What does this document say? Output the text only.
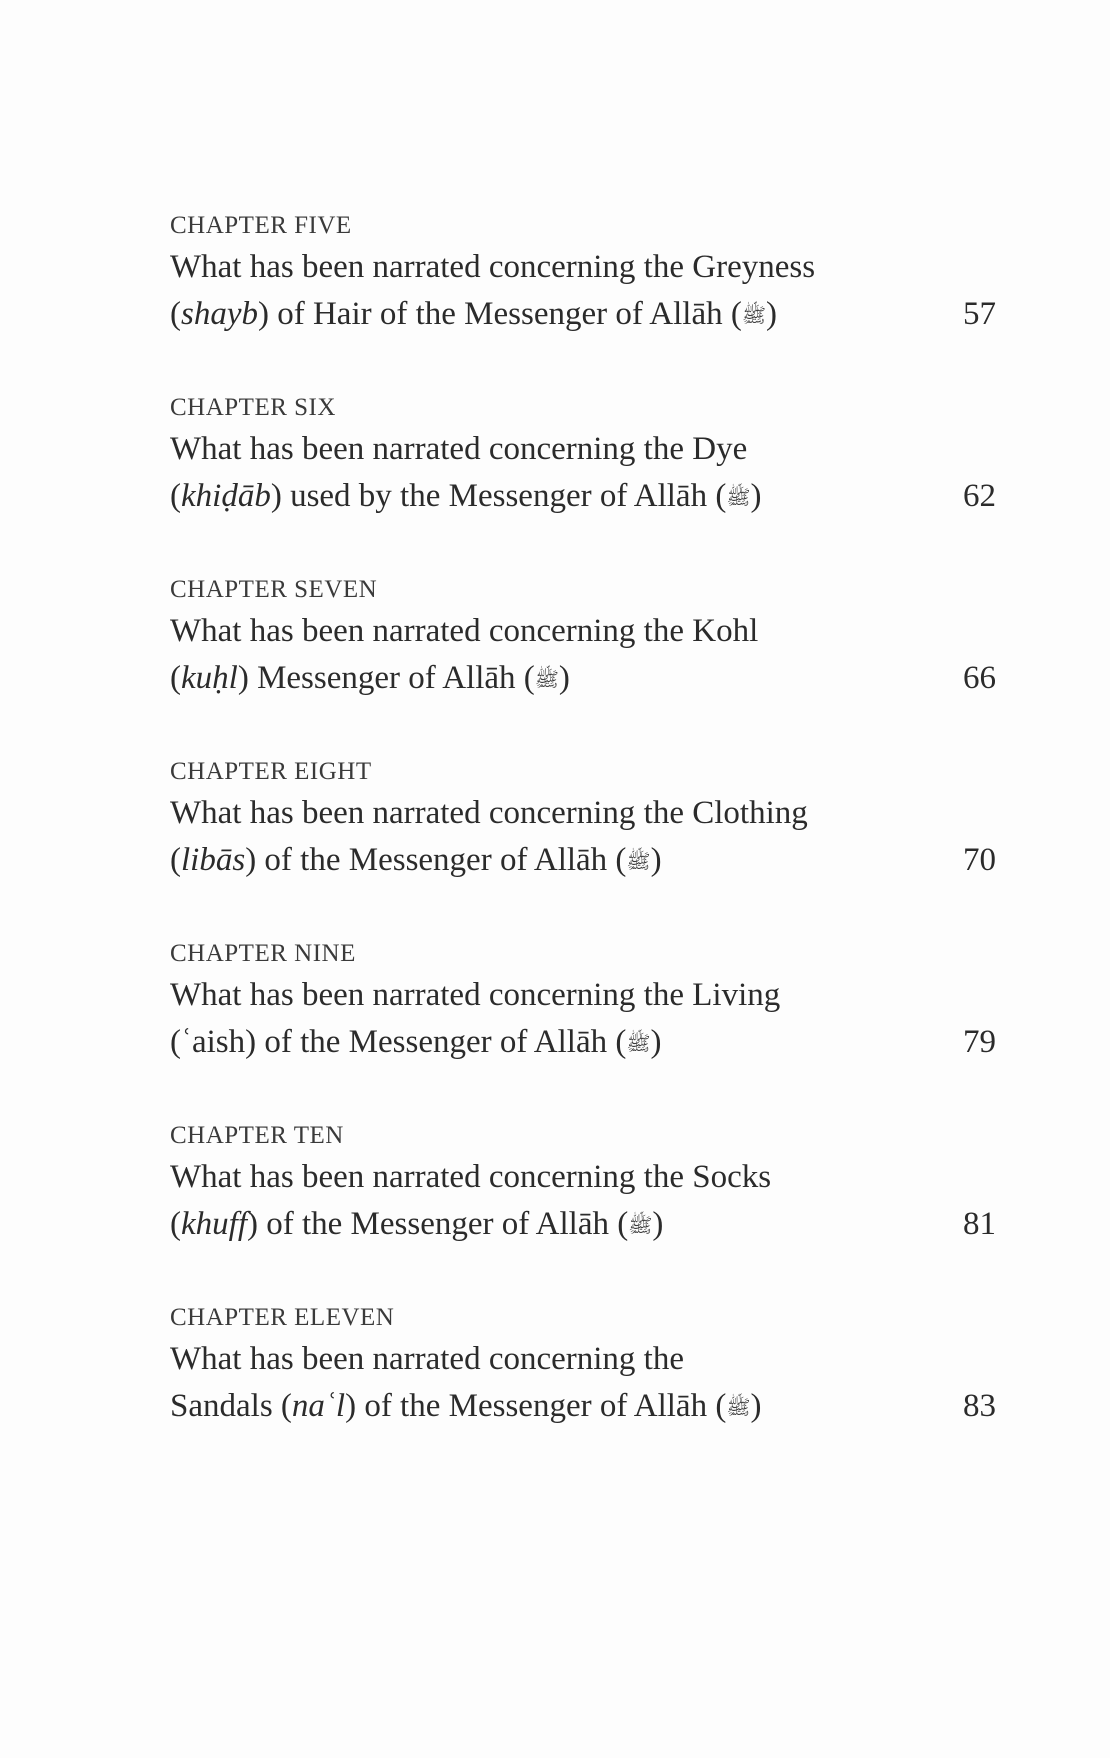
CHAPTER FIVE

What has been narrated concerning the Greyness

(shayb) of Hair of the Messenger of Allāh (ﷺ)	57

CHAPTER SIX

What has been narrated concerning the Dye

(khiḍāb) used by the Messenger of Allāh (ﷺ)	62

CHAPTER SEVEN

What has been narrated concerning the Kohl

(kuḥl) Messenger of Allāh (ﷺ)	66

CHAPTER EIGHT

What has been narrated concerning the Clothing

(libās) of the Messenger of Allāh (ﷺ)	70

CHAPTER NINE

What has been narrated concerning the Living

(ʿaish) of the Messenger of Allāh (ﷺ)	79

CHAPTER TEN

What has been narrated concerning the Socks

(khuff) of the Messenger of Allāh (ﷺ)	81

CHAPTER ELEVEN

What has been narrated concerning the

Sandals (naʿl) of the Messenger of Allāh (ﷺ)	83
